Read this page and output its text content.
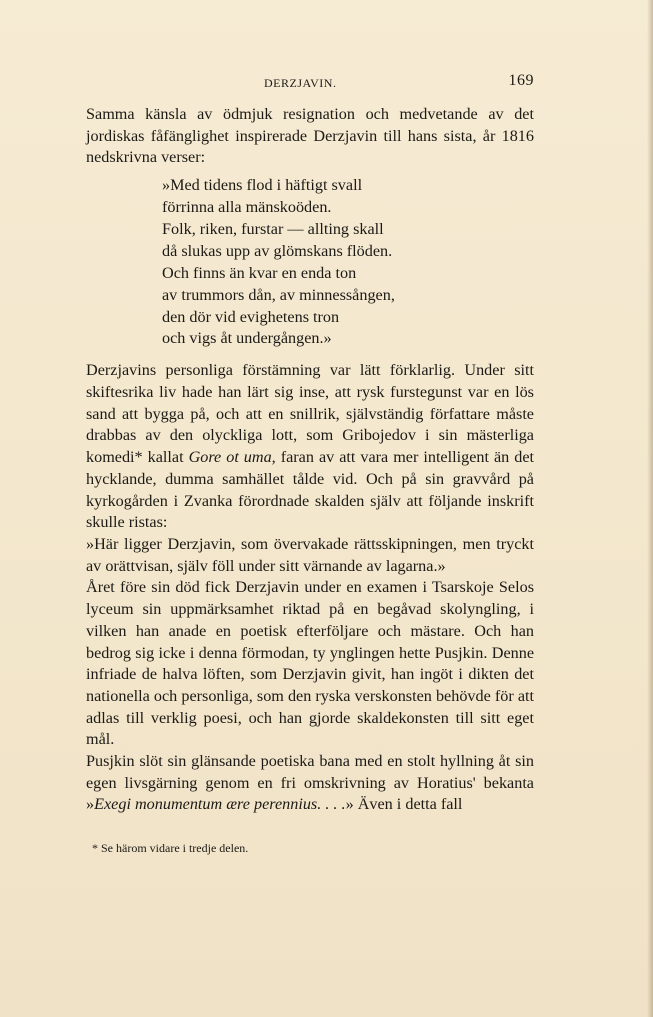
DERZJAVIN.	169

Samma känsla av ödmjuk resignation och medvetande av det jordiskas fåfänglighet inspirerade Derzjavin till hans sista, år 1816 nedskrivna verser:

»Med tidens flod i häftigt svall
förrinna alla mänskoöden.
Folk, riken, furstar — allting skall
då slukas upp av glömskans flöden.
Och finns än kvar en enda ton
av trummors dån, av minnessången,
den dör vid evighetens tron
och vigs åt undergången.»

Derzjavins personliga förstämning var lätt förklarlig. Under sitt skiftesrika liv hade han lärt sig inse, att rysk furstegunst var en lös sand att bygga på, och att en snillrik, självständig författare måste drabbas av den olyckliga lott, som Gribojedov i sin mästerliga komedi* kallat Gore ot uma, faran av att vara mer intelligent än det hycklande, dumma samhället tålde vid. Och på sin gravvård på kyrkogården i Zvanka förordnade skalden själv att följande inskrift skulle ristas:

»Här ligger Derzjavin, som övervakade rättsskipningen, men tryckt av orättvisan, själv föll under sitt värnande av lagarna.»

Året före sin död fick Derzjavin under en examen i Tsarskoje Selos lyceum sin uppmärksamhet riktad på en begåvad skolyngling, i vilken han anade en poetisk efterföljare och mästare. Och han bedrog sig icke i denna förmodan, ty ynglingen hette Pusjkin. Denne infriade de halva löften, som Derzjavin givit, han ingöt i dikten det nationella och personliga, som den ryska verskonsten behövde för att adlas till verklig poesi, och han gjorde skaldekonsten till sitt eget mål.

Pusjkin slöt sin glänsande poetiska bana med en stolt hyllning åt sin egen livsgärning genom en fri omskrivning av Horatius' bekanta »Exegi monumentum ære perennius. . . .» Även i detta fall

* Se härom vidare i tredje delen.
